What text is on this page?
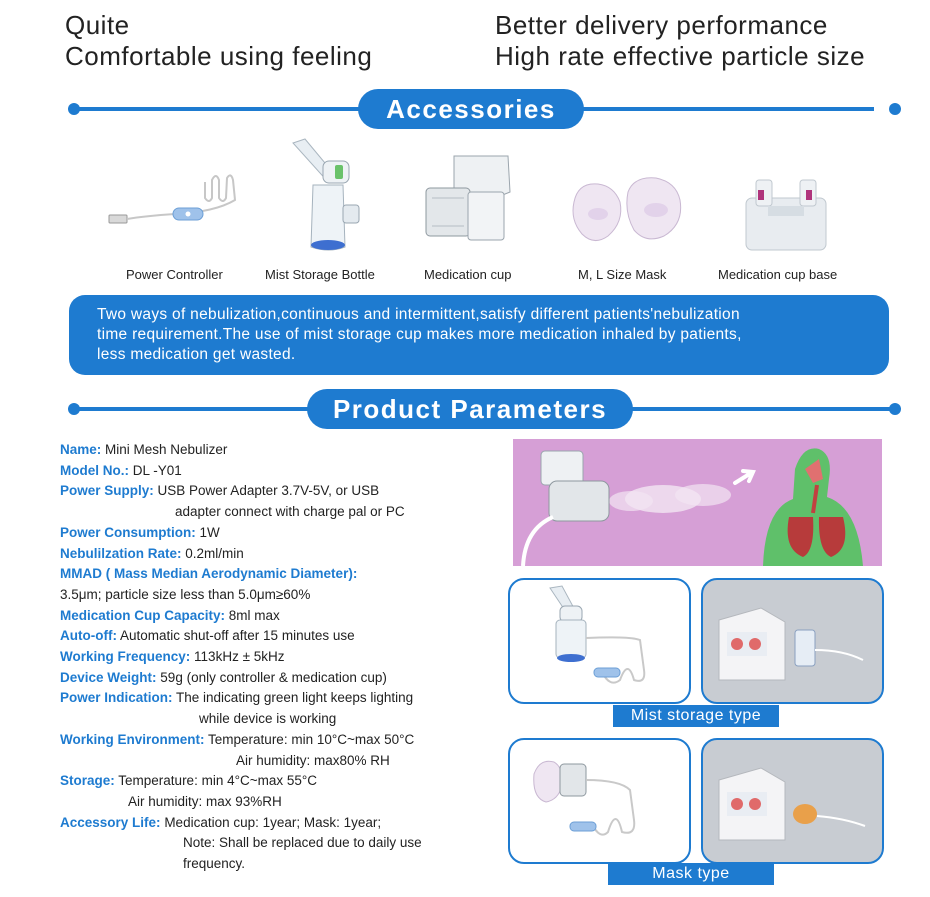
Quite
Comfortable using feeling
Better delivery performance
High rate effective particle size
Accessories
Power Controller	Mist Storage Bottle	Medication cup	M, L Size Mask	Medication cup base
Two ways of nebulization,continuous and intermittent,satisfy different patients'nebulization
time requirement.The use of mist storage cup makes more medication inhaled by patients,
less medication get wasted.
Product Parameters
Name: Mini Mesh Nebulizer
Model No.: DL -Y01
Power Supply: USB Power Adapter 3.7V-5V, or USB
adapter connect with charge pal or PC
Power Consumption: 1W
Nebulilzation Rate: 0.2ml/min
MMAD ( Mass Median Aerodynamic Diameter):
3.5μm; particle size less than 5.0μm≥60%
Medication Cup Capacity: 8ml max
Auto-off: Automatic shut-off after 15 minutes use
Working Frequency: 113kHz ± 5kHz
Device Weight: 59g (only controller & medication cup)
Power Indication: The indicating green light keeps lighting
while device is working
Working Environment: Temperature: min 10°C~max 50°C
Air humidity: max80% RH
Storage: Temperature: min 4°C~max 55°C
Air humidity: max 93%RH
Accessory Life: Medication cup: 1year; Mask: 1year;
Note: Shall be replaced due to daily use
frequency.
Mist storage type
Mask type
